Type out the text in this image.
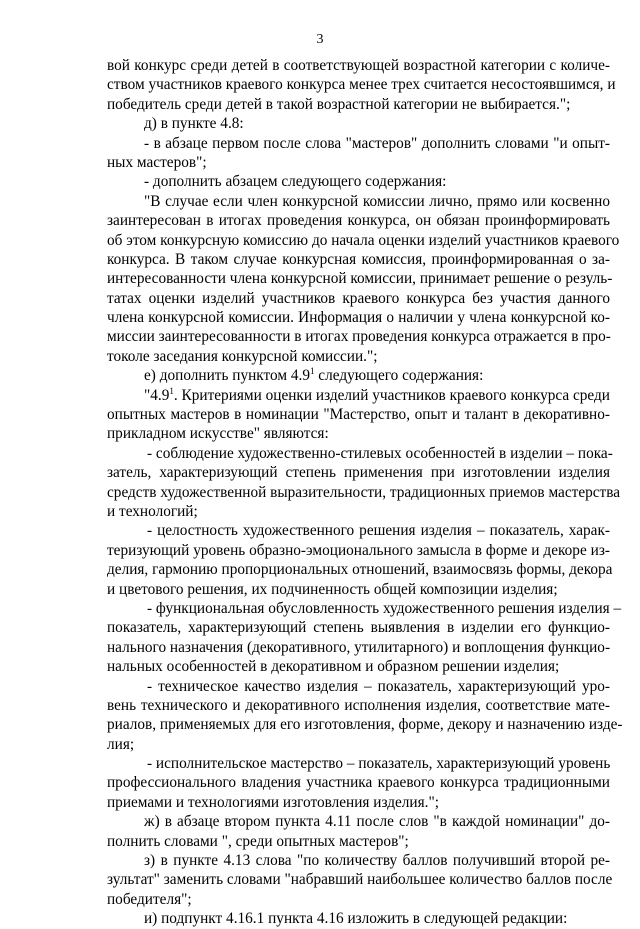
3
вой конкурс среди детей в соответствующей возрастной категории с количе-
ством участников краевого конкурса менее трех считается несостоявшимся, и
победитель среди детей в такой возрастной категории не выбирается.";
д) в пункте 4.8:
- в абзаце первом после слова "мастеров" дополнить словами "и опыт-
ных мастеров";
- дополнить абзацем следующего содержания:
"В случае если член конкурсной комиссии лично, прямо или косвенно
заинтересован в итогах проведения конкурса, он обязан проинформировать
об этом конкурсную комиссию до начала оценки изделий участников краевого
конкурса. В таком случае конкурсная комиссия, проинформированная о за-
интересованности члена конкурсной комиссии, принимает решение о резуль-
татах оценки изделий участников краевого конкурса без участия данного
члена конкурсной комиссии. Информация о наличии у члена конкурсной ко-
миссии заинтересованности в итогах проведения конкурса отражается в про-
токоле заседания конкурсной комиссии.";
е) дополнить пунктом $4.9^1$ следующего содержания:
"$4.9^1$. Критериями оценки изделий участников краевого конкурса среди
опытных мастеров в номинации "Мастерство, опыт и талант в декоративно-
прикладном искусстве" являются:
- соблюдение художественно-стилевых особенностей в изделии – пока-
затель, характеризующий степень применения при изготовлении изделия
средств художественной выразительности, традиционных приемов мастерства
и технологий;
- целостность художественного решения изделия – показатель, харак-
теризующий уровень образно-эмоционального замысла в форме и декоре из-
делия, гармонию пропорциональных отношений, взаимосвязь формы, декора
и цветового решения, их подчиненность общей композиции изделия;
- функциональная обусловленность художественного решения изделия –
показатель, характеризующий степень выявления в изделии его функцио-
нального назначения (декоративного, утилитарного) и воплощения функцио-
нальных особенностей в декоративном и образном решении изделия;
- техническое качество изделия – показатель, характеризующий уро-
вень технического и декоративного исполнения изделия, соответствие мате-
риалов, применяемых для его изготовления, форме, декору и назначению изде-
лия;
- исполнительское мастерство – показатель, характеризующий уровень
профессионального владения участника краевого конкурса традиционными
приемами и технологиями изготовления изделия.";
ж) в абзаце втором пункта 4.11 после слов "в каждой номинации" до-
полнить словами ", среди опытных мастеров";
з) в пункте 4.13 слова "по количеству баллов получивший второй ре-
зультат" заменить словами "набравший наибольшее количество баллов после
победителя";
и) подпункт 4.16.1 пункта 4.16 изложить в следующей редакции:
